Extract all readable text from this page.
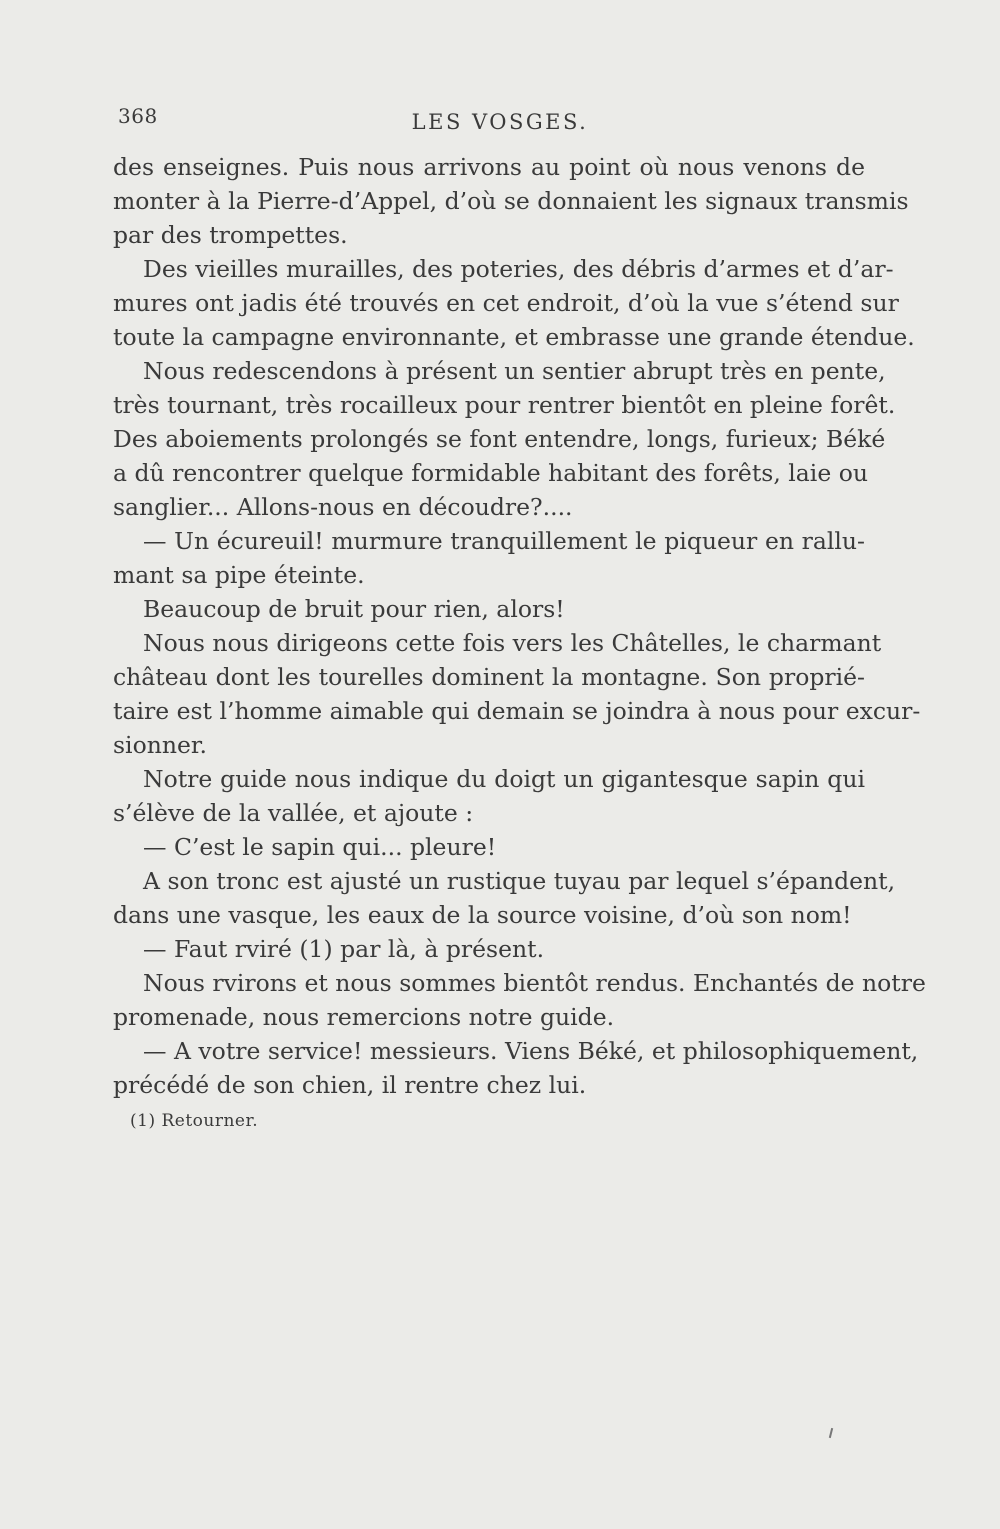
368	LES VOSGES.
des enseignes. Puis nous arrivons au point où nous venons de
monter à la Pierre-d’Appel, d’où se donnaient les signaux transmis
par des trompettes.
Des vieilles murailles, des poteries, des débris d’armes et d’ar-
mures ont jadis été trouvés en cet endroit, d’où la vue s’étend sur
toute la campagne environnante, et embrasse une grande étendue.
Nous redescendons à présent un sentier abrupt très en pente,
très tournant, très rocailleux pour rentrer bientôt en pleine forêt.
Des aboiements prolongés se font entendre, longs, furieux; Béké
a dû rencontrer quelque formidable habitant des forêts, laie ou
sanglier... Allons-nous en découdre?....
— Un écureuil! murmure tranquillement le piqueur en rallu-
mant sa pipe éteinte.
Beaucoup de bruit pour rien, alors!
Nous nous dirigeons cette fois vers les Châtelles, le charmant
château dont les tourelles dominent la montagne. Son proprié-
taire est l’homme aimable qui demain se joindra à nous pour excur-
sionner.
Notre guide nous indique du doigt un gigantesque sapin qui
s’élève de la vallée, et ajoute :
— C’est le sapin qui... pleure!
A son tronc est ajusté un rustique tuyau par lequel s’épandent,
dans une vasque, les eaux de la source voisine, d’où son nom!
— Faut rviré (1) par là, à présent.
Nous rvirons et nous sommes bientôt rendus. Enchantés de notre
promenade, nous remercions notre guide.
— A votre service! messieurs. Viens Béké, et philosophiquement,
précédé de son chien, il rentre chez lui.
(1) Retourner.
